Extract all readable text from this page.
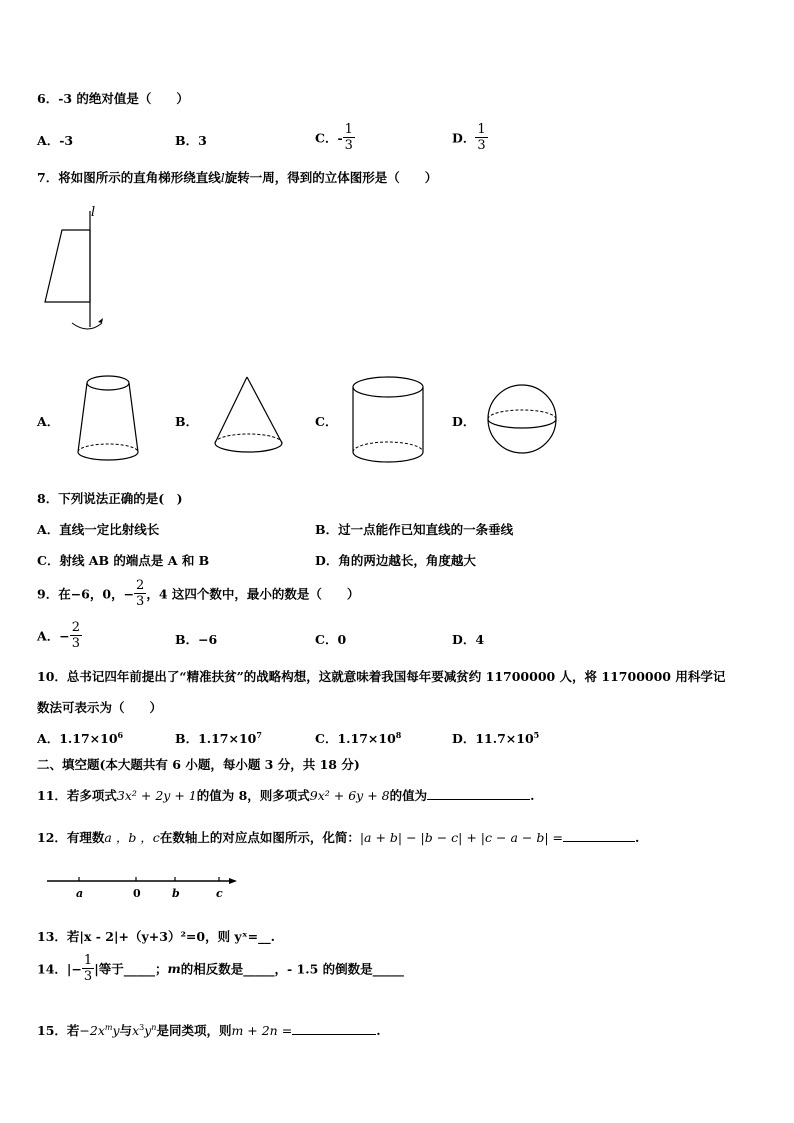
6．-3 的绝对值是（　　）
A．-3	B．3	C．- $\frac{1}{3}$	D． $\frac{1}{3}$
7．将如图所示的直角梯形绕直线l旋转一周，得到的立体图形是（　　）
l
A．	B．	C．	D．
8．下列说法正确的是(　)
A．直线一定比射线长	B．过一点能作已知直线的一条垂线
C．射线 AB 的端点是 A 和 B	D．角的两边越长，角度越大
9．在−6，0，− $\frac{2}{3}$ ，4 这四个数中，最小的数是（　　）
A．− $\frac{2}{3}$	B．−6	C．0	D．4
10．总书记四年前提出了“精准扶贫”的战略构想，这就意味着我国每年要减贫约 11700000 人，将 11700000 用科学记
数法可表示为（　　）
A．$1.17\times 10^6$	B．$1.17\times 10^7$	C．$1.17\times 10^8$	D．$11.7\times 10^5$
二、填空题(本大题共有 6 小题，每小题 3 分，共 18 分)
11．若多项式3x² + 2y + 1的值为 8，则多项式9x² + 6y + 8的值为	.
12．有理数a ，b ，c在数轴上的对应点如图所示，化简：|a + b| − |b − c| + |c − a − b| =	.
a	0	b	c
13．若|x - 2|+（y+3）²=0，则 yˣ=__.
14．|− $\frac{1}{3}$ |等于_____；m的相反数是_____，- 1.5 的倒数是_____
15．若$-2x^my$与$x^3y^n$是同类项，则m + 2n =	.
